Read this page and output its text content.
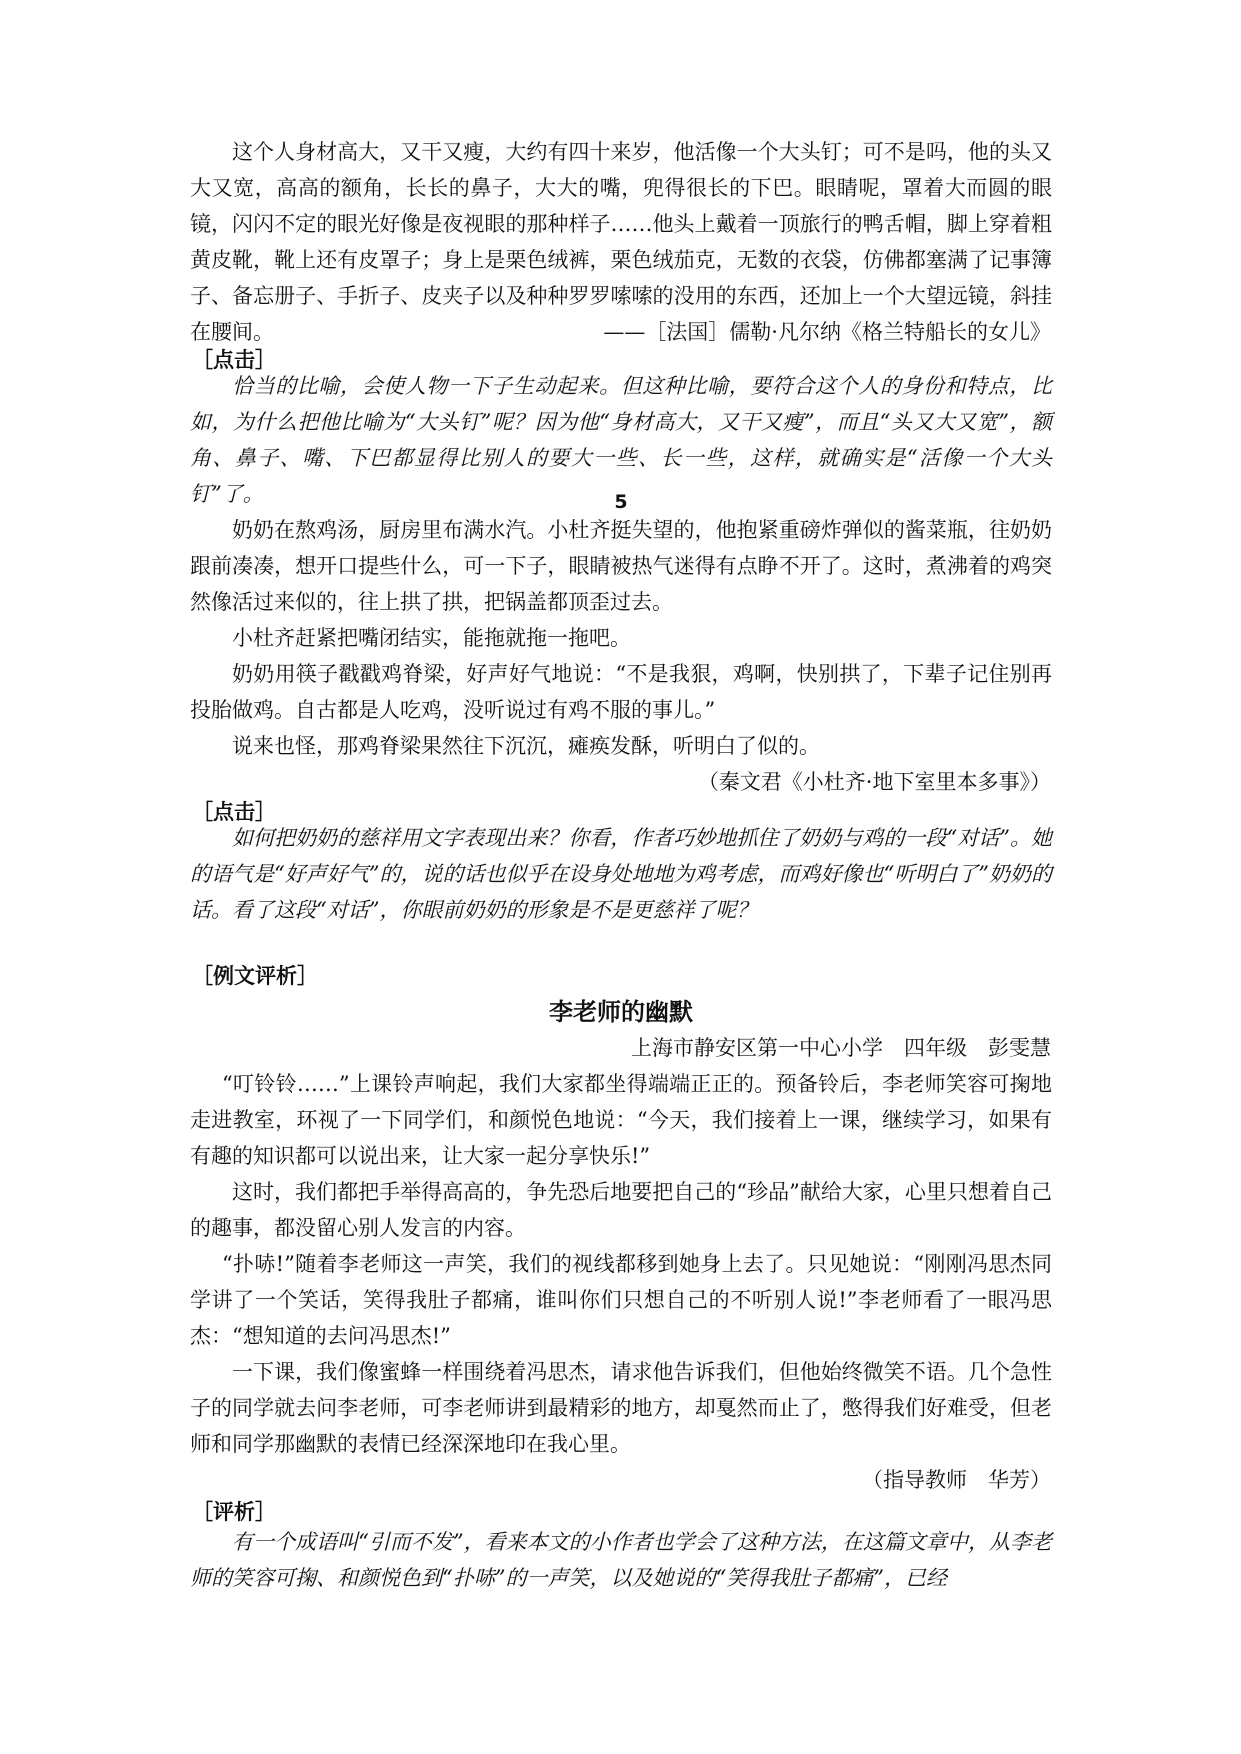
这个人身材高大，又干又瘦，大约有四十来岁，他活像一个大头钉；可不是吗，他的头又大又宽，高高的额角，长长的鼻子，大大的嘴，兜得很长的下巴。眼睛呢，罩着大而圆的眼镜，闪闪不定的眼光好像是夜视眼的那种样子……他头上戴着一顶旅行的鸭舌帽，脚上穿着粗黄皮靴，靴上还有皮罩子；身上是栗色绒裤，栗色绒茄克，无数的衣袋，仿佛都塞满了记事簿子、备忘册子、手折子、皮夹子以及种种罗罗嗦嗦的没用的东西，还加上一个大望远镜，斜挂在腰间。	——［法国］儒勒·凡尔纳《格兰特船长的女儿》
［点击］

恰当的比喻，会使人物一下子生动起来。但这种比喻，要符合这个人的身份和特点，比如，为什么把他比喻为“大头钉”呢？因为他“身材高大，又干又瘦”，而且“头又大又宽”，额角、鼻子、嘴、下巴都显得比别人的要大一些、长一些，这样，就确实是“活像一个大头钉”了。	5

奶奶在熬鸡汤，厨房里布满水汽。小杜齐挺失望的，他抱紧重磅炸弹似的酱菜瓶，往奶奶跟前凑凑，想开口提些什么，可一下子，眼睛被热气迷得有点睁不开了。这时，煮沸着的鸡突然像活过来似的，往上拱了拱，把锅盖都顶歪过去。

小杜齐赶紧把嘴闭结实，能拖就拖一拖吧。

奶奶用筷子戳戳鸡脊梁，好声好气地说：“不是我狠，鸡啊，快别拱了，下辈子记住别再投胎做鸡。自古都是人吃鸡，没听说过有鸡不服的事儿。”

说来也怪，那鸡脊梁果然往下沉沉，瘫痪发酥，听明白了似的。

（秦文君《小杜齐·地下室里本多事》）
［点击］

如何把奶奶的慈祥用文字表现出来？你看，作者巧妙地抓住了奶奶与鸡的一段“对话”。她的语气是“好声好气”的，说的话也似乎在设身处地地为鸡考虑，而鸡好像也“听明白了”奶奶的话。看了这段“对话”，你眼前奶奶的形象是不是更慈祥了呢？

［例文评析］
李老师的幽默
上海市静安区第一中心小学　四年级　彭雯慧

“叮铃铃……”上课铃声响起，我们大家都坐得端端正正的。预备铃后，李老师笑容可掬地走进教室，环视了一下同学们，和颜悦色地说：“今天，我们接着上一课，继续学习，如果有有趣的知识都可以说出来，让大家一起分享快乐!”

这时，我们都把手举得高高的，争先恐后地要把自己的“珍品”献给大家，心里只想着自己的趣事，都没留心别人发言的内容。

“扑哧!”随着李老师这一声笑，我们的视线都移到她身上去了。只见她说：“刚刚冯思杰同学讲了一个笑话，笑得我肚子都痛，谁叫你们只想自己的不听别人说!”李老师看了一眼冯思杰：“想知道的去问冯思杰!”

一下课，我们像蜜蜂一样围绕着冯思杰，请求他告诉我们，但他始终微笑不语。几个急性子的同学就去问李老师，可李老师讲到最精彩的地方，却戛然而止了，憋得我们好难受，但老师和同学那幽默的表情已经深深地印在我心里。

（指导教师　华芳）
［评析］

有一个成语叫“引而不发”，看来本文的小作者也学会了这种方法，在这篇文章中，从李老师的笑容可掬、和颜悦色到“扑哧”的一声笑，以及她说的“笑得我肚子都痛”，已经
